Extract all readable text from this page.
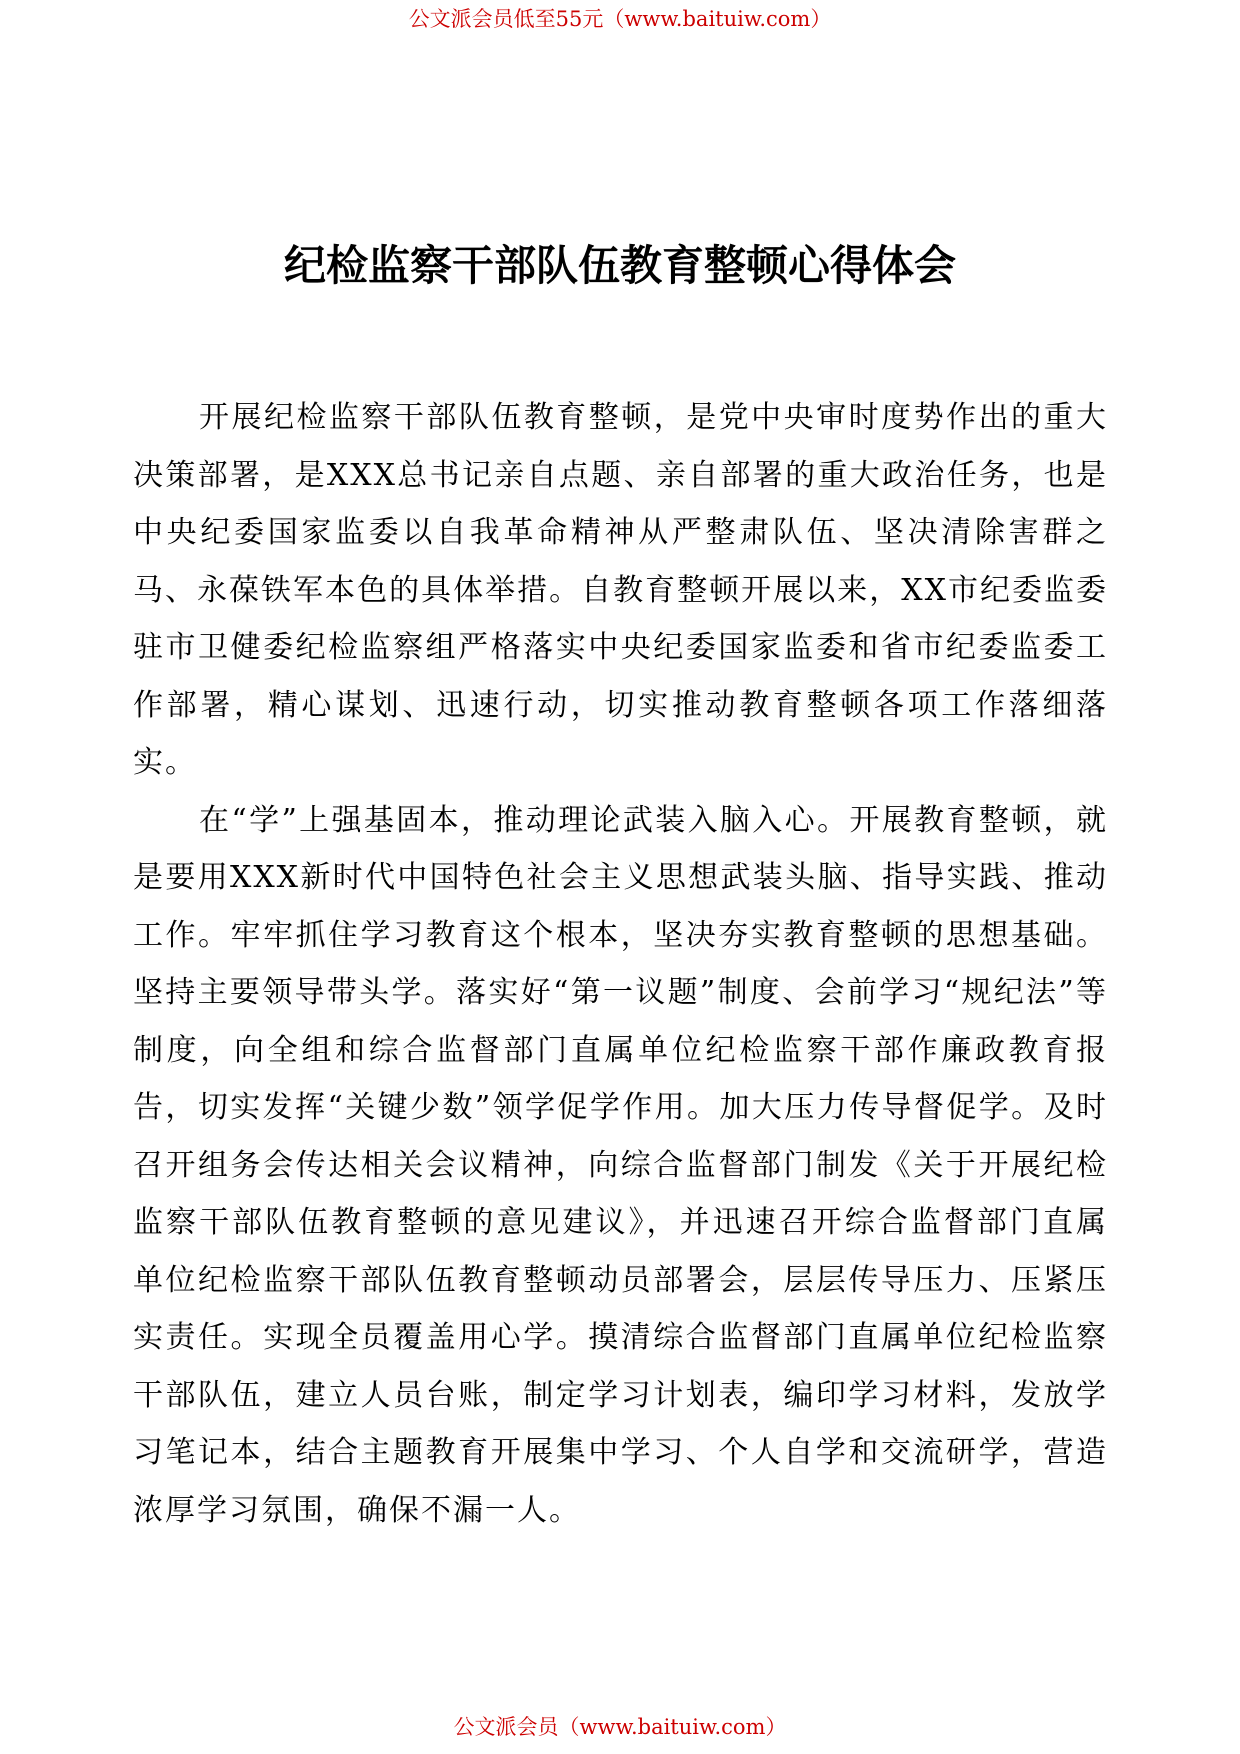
公文派会员低至55元（www.baituiw.com）
纪检监察干部队伍教育整顿心得体会

开展纪检监察干部队伍教育整顿，是党中央审时度势作出的重大决策部署，是XXX总书记亲自点题、亲自部署的重大政治任务，也是中央纪委国家监委以自我革命精神从严整肃队伍、坚决清除害群之马、永葆铁军本色的具体举措。自教育整顿开展以来，XX市纪委监委驻市卫健委纪检监察组严格落实中央纪委国家监委和省市纪委监委工作部署，精心谋划、迅速行动，切实推动教育整顿各项工作落细落实。

在“学”上强基固本，推动理论武装入脑入心。开展教育整顿，就是要用XXX新时代中国特色社会主义思想武装头脑、指导实践、推动工作。牢牢抓住学习教育这个根本，坚决夯实教育整顿的思想基础。坚持主要领导带头学。落实好“第一议题”制度、会前学习“规纪法”等制度，向全组和综合监督部门直属单位纪检监察干部作廉政教育报告，切实发挥“关键少数”领学促学作用。加大压力传导督促学。及时召开组务会传达相关会议精神，向综合监督部门制发《关于开展纪检监察干部队伍教育整顿的意见建议》，并迅速召开综合监督部门直属单位纪检监察干部队伍教育整顿动员部署会，层层传导压力、压紧压实责任。实现全员覆盖用心学。摸清综合监督部门直属单位纪检监察干部队伍，建立人员台账，制定学习计划表，编印学习材料，发放学习笔记本，结合主题教育开展集中学习、个人自学和交流研学，营造浓厚学习氛围，确保不漏一人。

公文派会员（www.baituiw.com）
